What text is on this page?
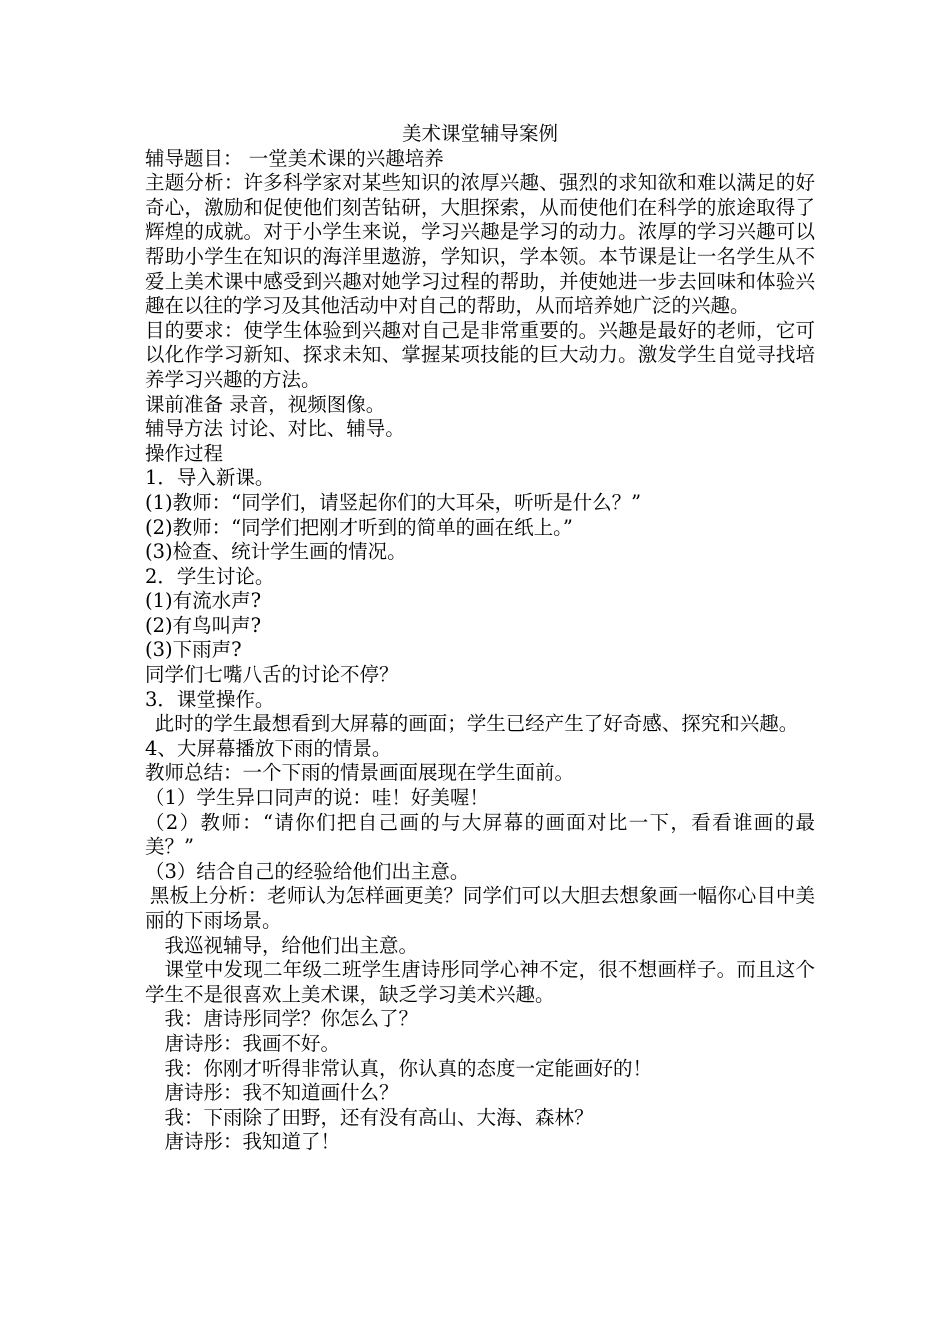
美术课堂辅导案例

辅导题目： 一堂美术课的兴趣培养

主题分析：许多科学家对某些知识的浓厚兴趣、强烈的求知欲和难以满足的好奇心，激励和促使他们刻苦钻研，大胆探索，从而使他们在科学的旅途取得了辉煌的成就。对于小学生来说，学习兴趣是学习的动力。浓厚的学习兴趣可以帮助小学生在知识的海洋里遨游，学知识，学本领。本节课是让一名学生从不爱上美术课中感受到兴趣对她学习过程的帮助，并使她进一步去回味和体验兴趣在以往的学习及其他活动中对自己的帮助，从而培养她广泛的兴趣。

目的要求：使学生体验到兴趣对自己是非常重要的。兴趣是最好的老师，它可以化作学习新知、探求未知、掌握某项技能的巨大动力。激发学生自觉寻找培养学习兴趣的方法。

课前准备 录音，视频图像。

辅导方法 讨论、对比、辅导。

操作过程

1．导入新课。

(1)教师：“同学们，请竖起你们的大耳朵，听听是什么？”

(2)教师：“同学们把刚才听到的简单的画在纸上。”

(3)检查、统计学生画的情况。

2．学生讨论。

(1)有流水声?

(2)有鸟叫声?

(3)下雨声?

同学们七嘴八舌的讨论不停？

3．课堂操作。

此时的学生最想看到大屏幕的画面；学生已经产生了好奇感、探究和兴趣。

4、大屏幕播放下雨的情景。

教师总结：一个下雨的情景画面展现在学生面前。

（1）学生异口同声的说：哇！好美喔！

（2）教师：“请你们把自己画的与大屏幕的画面对比一下，看看谁画的最美？”

（3）结合自己的经验给他们出主意。

黑板上分析：老师认为怎样画更美？同学们可以大胆去想象画一幅你心目中美丽的下雨场景。

我巡视辅导，给他们出主意。

课堂中发现二年级二班学生唐诗彤同学心神不定，很不想画样子。而且这个学生不是很喜欢上美术课，缺乏学习美术兴趣。

我：唐诗彤同学？你怎么了？

唐诗彤：我画不好。

我：你刚才听得非常认真，你认真的态度一定能画好的！

唐诗彤：我不知道画什么？

我：下雨除了田野，还有没有高山、大海、森林？

唐诗彤：我知道了！
